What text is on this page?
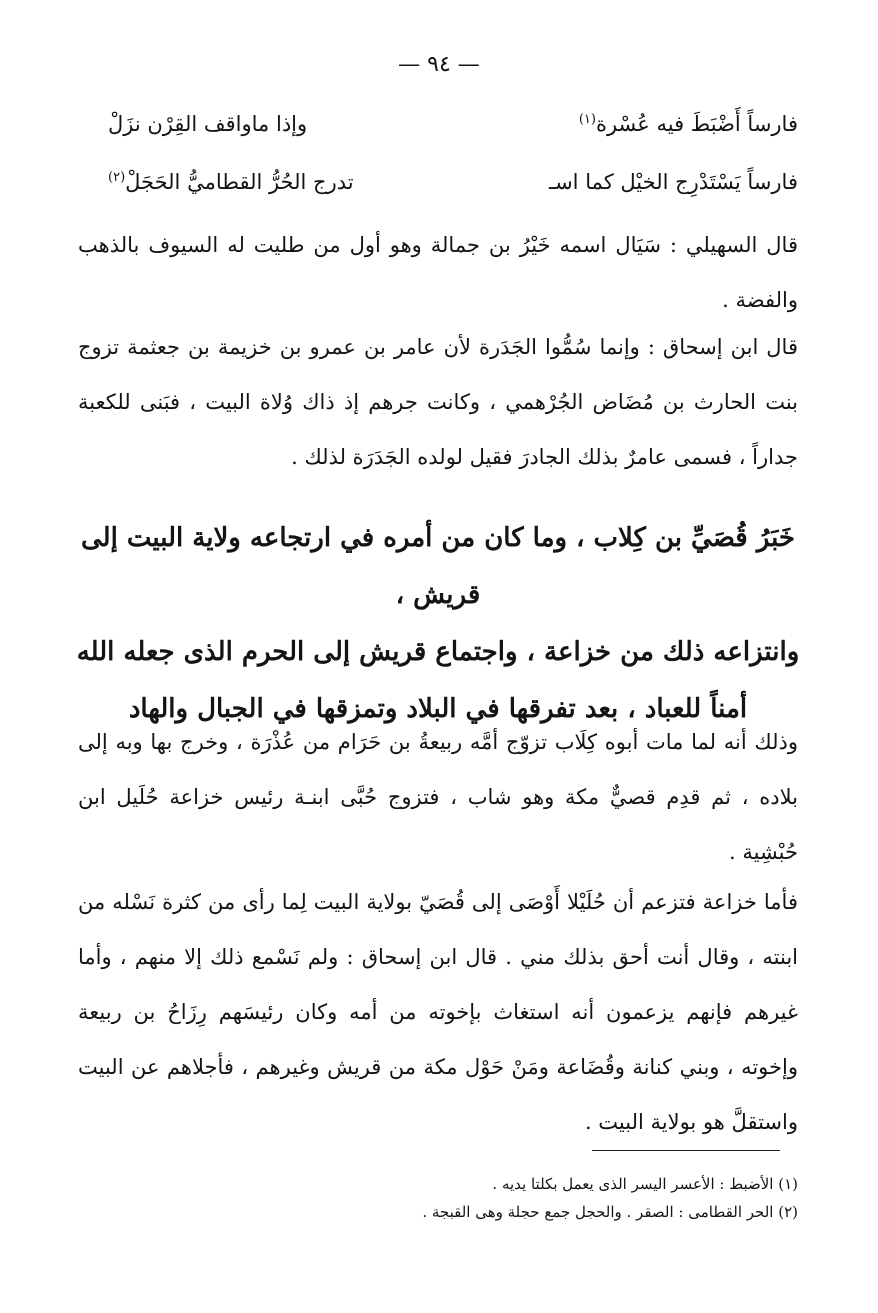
— ٩٤ —
فارساً أَضْبَطَ فيه عُسْرة$^{(١)}$
وإذا ماواقف القِرْن نزَلْ
فارساً يَسْتَدْرِج الخيْل كما اسـ
تدرج الحُرُّ القطاميُّ الحَجَلْ$^{(٢)}$

قال السهيلي : سَيَال اسمه خَيْرُ بن جمالة وهو أول من طليت له السيوف بالذهب والفضة .

قال ابن إسحاق : وإنما سُمُّوا الجَدَرة لأن عامر بن عمرو بن خزيمة بن جعثمة تزوج بنت الحارث بن مُضَاض الجُرْهمي ، وكانت جرهم إذ ذاك وُلاة البيت ، فبَنى للكعبة جداراً ، فسمى عامرٌ بذلك الجادرَ فقيل لولده الجَدَرَة لذلك .

خَبَرُ قُصَيِّ بن كِلاب ، وما كان من أمره في ارتجاعه ولاية البيت إلى قريش ،
وانتزاعه ذلك من خزاعة ، واجتماع قريش إلى الحرم الذى جعله الله
أمناً للعباد ، بعد تفرقها في البلاد وتمزقها في الجبال والهاد

وذلك أنه لما مات أبوه كِلَاب تزوّج أمَّه ربيعةُ بن حَرَام من عُذْرَة ، وخرج بها وبه إلى بلاده ، ثم قدِم قصيٌّ مكة وهو شاب ، فتزوج حُبَّى ابنـة رئيس خزاعة حُلَيل ابن حُبْشِية .

فأما خزاعة فتزعم أن حُلَيْلا أَوْصَى إلى قُصَيّ بولاية البيت لِما رأى من كثرة نَسْله من ابنته ، وقال أنت أحق بذلك مني . قال ابن إسحاق : ولم نَسْمع ذلك إلا منهم ، وأما غيرهم فإنهم يزعمون أنه استغاث بإخوته من أمه وكان رئيسَهم رِزَاحُ بن ربيعة وإخوته ، وبني كنانة وقُضَاعة ومَنْ حَوْل مكة من قريش وغيرهم ، فأجلاهم عن البيت واستقلَّ هو بولاية البيت .

(١) الأضبط : الأعسر اليسر الذى يعمل بكلتا يديه . (٢) الحر القطامى : الصقر . والحجل جمع حجلة وهى القبجة .
